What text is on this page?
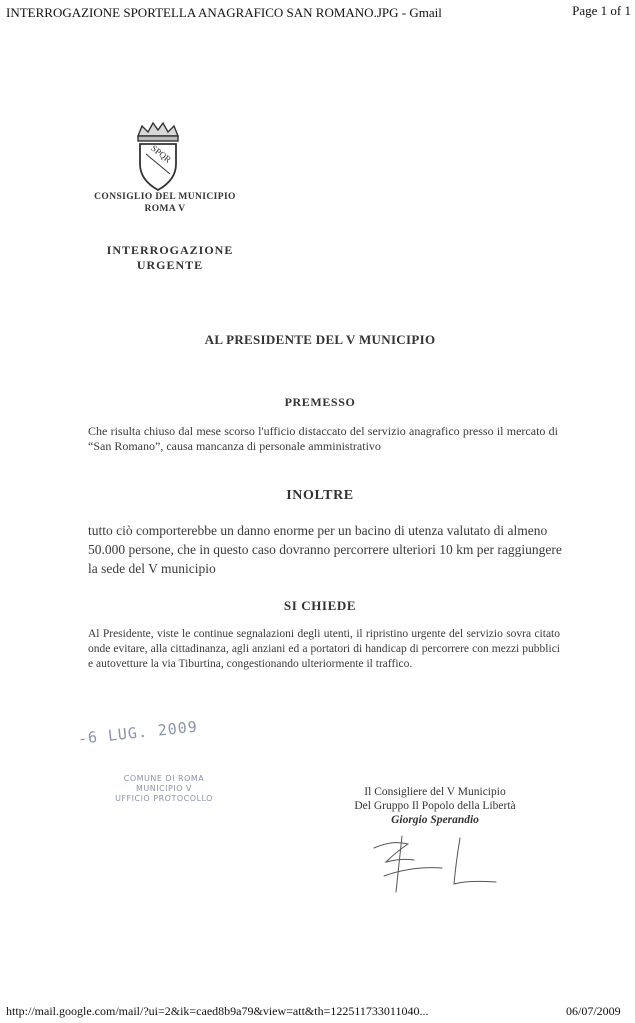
INTERROGAZIONE SPORTELLA ANAGRAFICO SAN ROMANO.JPG - Gmail	Page 1 of 1
SPQR
CONSIGLIO DEL MUNICIPIO
ROMA V
INTERROGAZIONE
URGENTE
AL PRESIDENTE DEL V MUNICIPIO
PREMESSO
Che risulta chiuso dal mese scorso l'ufficio distaccato del servizio anagrafico presso il mercato di “San Romano”, causa mancanza di personale amministrativo
INOLTRE
tutto ciò comporterebbe un danno enorme per un bacino di utenza valutato di almeno 50.000 persone, che in questo caso dovranno percorrere ulteriori 10 km per raggiungere la sede del V municipio
SI CHIEDE
Al Presidente, viste le continue segnalazioni degli utenti, il ripristino urgente del servizio sovra citato onde evitare, alla cittadinanza, agli anziani ed a portatori di handicap di percorrere con mezzi pubblici e autovetture la via Tiburtina, congestionando ulteriormente il traffico.
-6 LUG. 2009
COMUNE DI ROMA
MUNICIPIO V
UFFICIO PROTOCOLLO
Il Consigliere del V Municipio
Del Gruppo Il Popolo della Libertà
Giorgio Sperandio
http://mail.google.com/mail/?ui=2&ik=caed8b9a79&view=att&th=122511733011040...	06/07/2009
